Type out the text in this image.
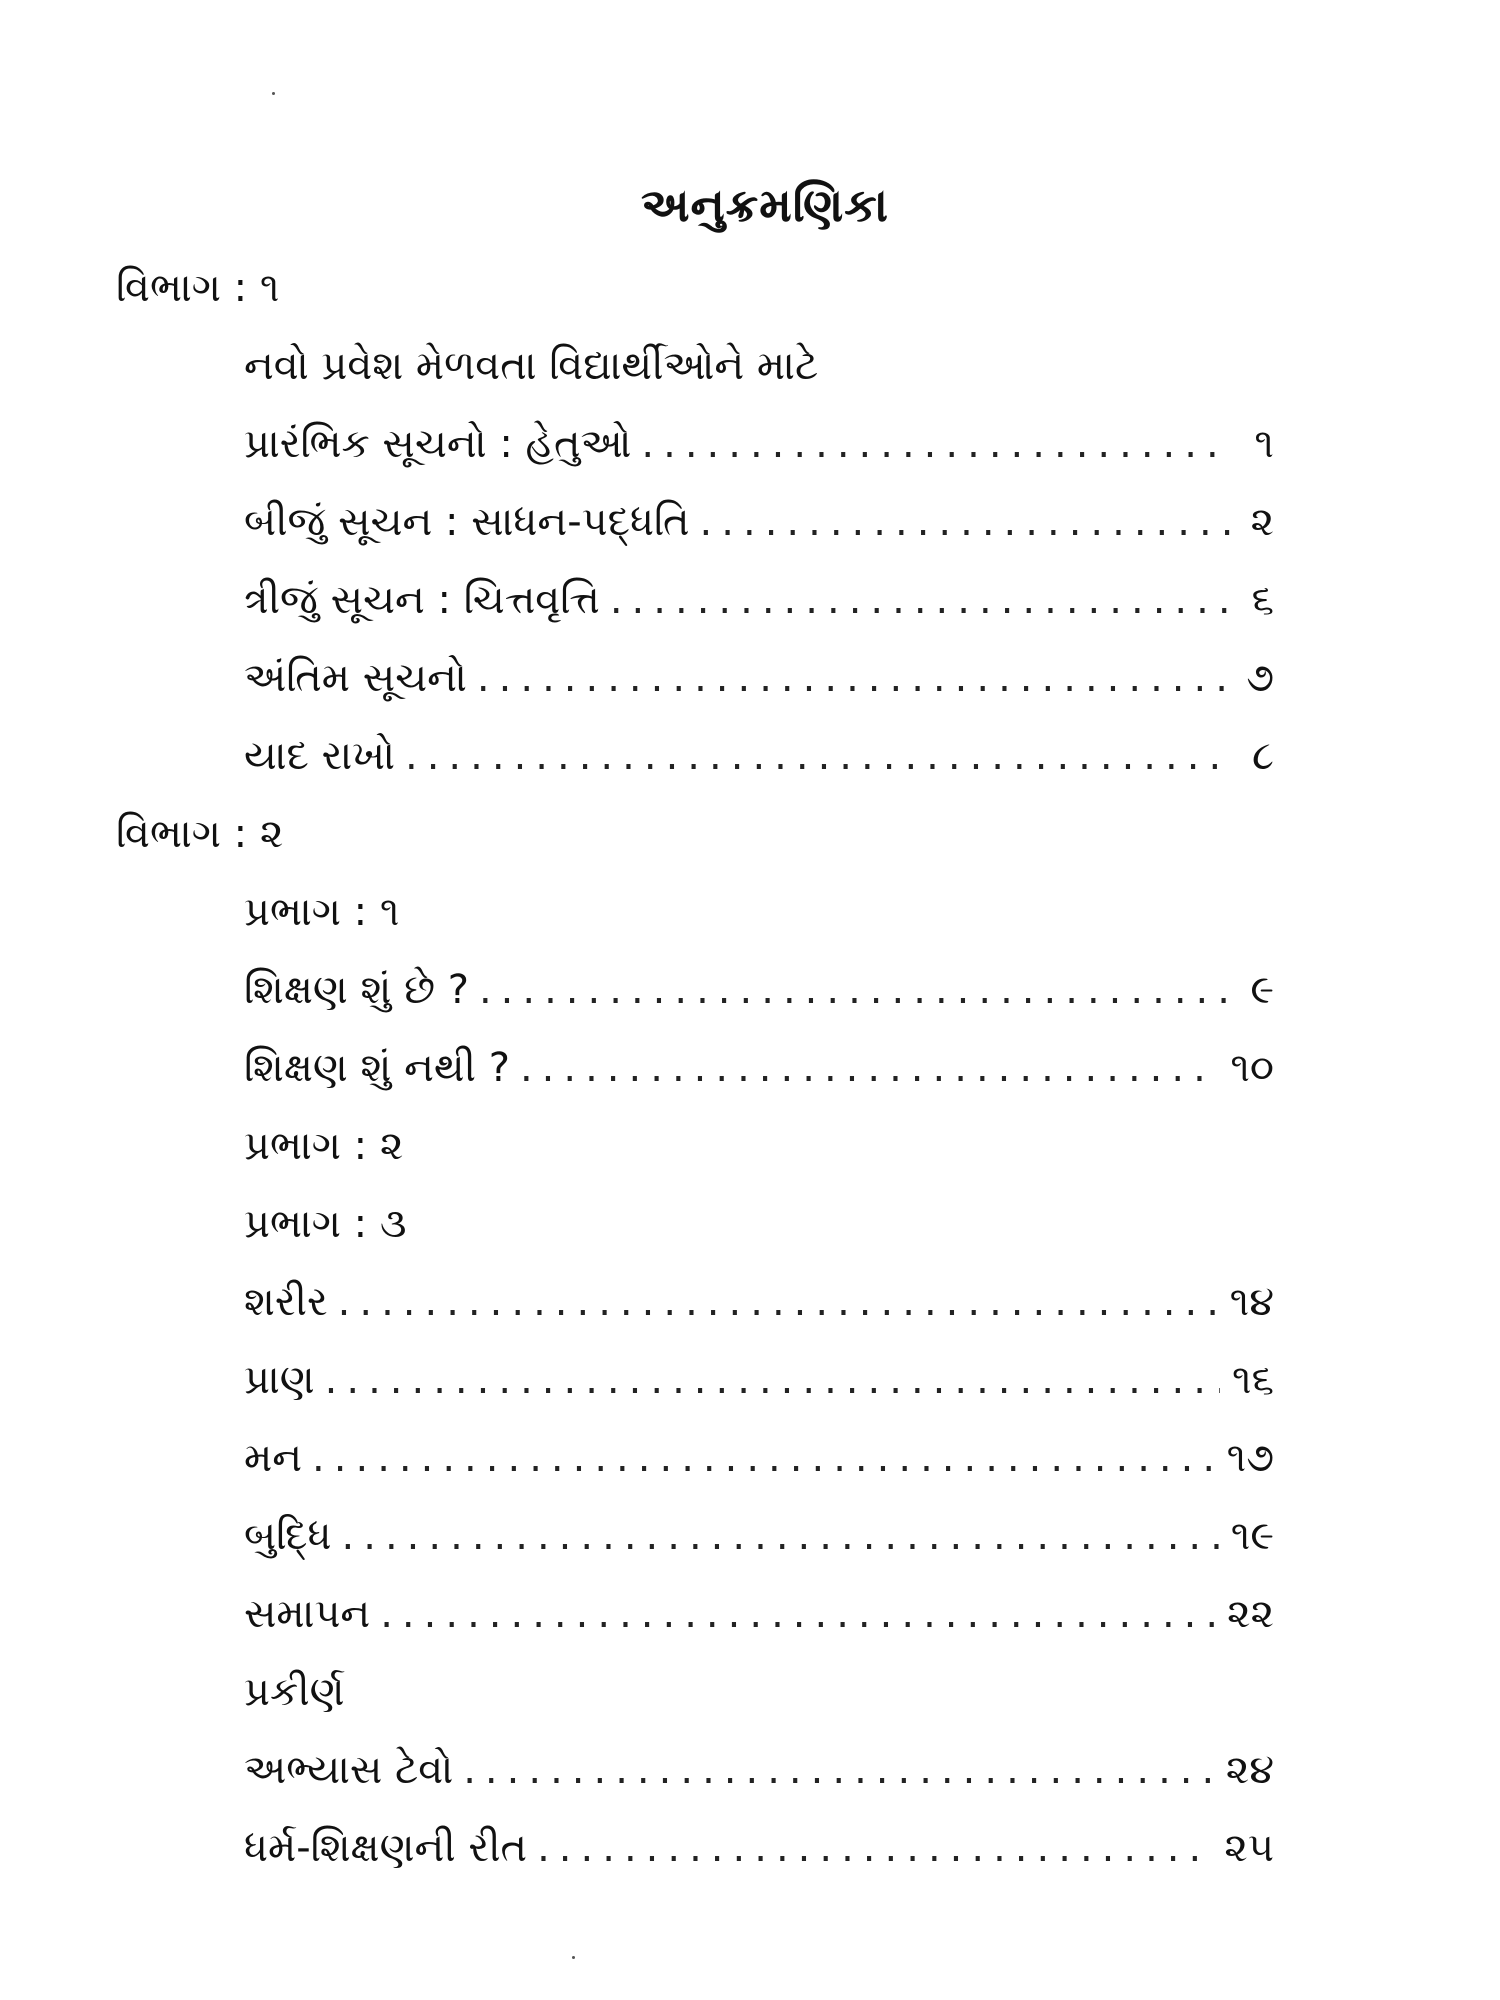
અનુક્રમણિકા
વિભાગ : ૧
નવો પ્રવેશ મેળવતા વિદ્યાર્થીઓને માટે
પ્રારંભિક સૂચનો : હેતુઓ .....	૧
બીજું સૂચન : સાધન-પદ્ધતિ .....	૨
ત્રીજું સૂચન : ચિત્તવૃત્તિ .....	૬
અંતિમ સૂચનો .....	૭
યાદ રાખો .....	૮
વિભાગ : ૨
પ્રભાગ : ૧
શિક્ષણ શું છે ? .....	૯
શિક્ષણ શું નથી ? .....	૧૦
પ્રભાગ : ૨
પ્રભાગ : ૩
શરીર .....	૧૪
પ્રાણ .....	૧૬
મન .....	૧૭
બુદ્ધિ .....	૧૯
સમાપન .....	૨૨
પ્રકીર્ણ
અભ્યાસ ટેવો .....	૨૪
ધર્મ-શિક્ષણની રીત .....	૨૫
